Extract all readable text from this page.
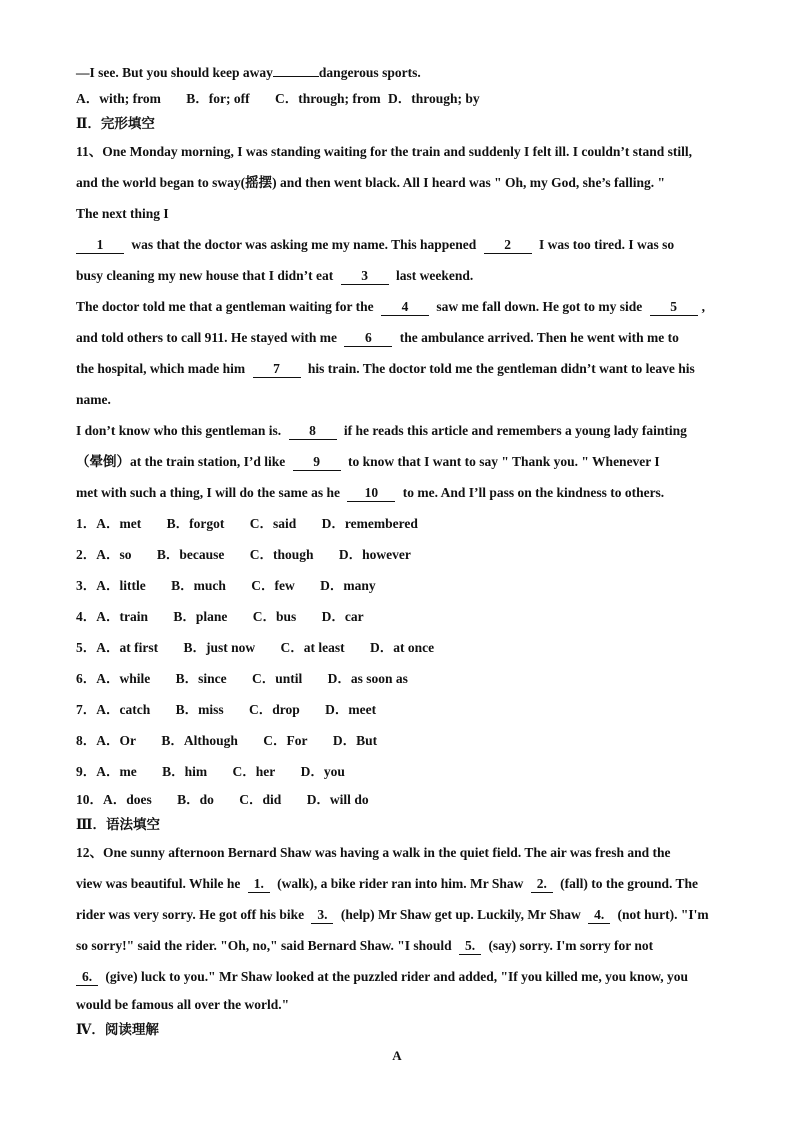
—I see. But you should keep away	dangerous sports.
A．with; from B．for; off C．through; from D．through; by
Ⅱ．完形填空
11、One Monday morning, I was standing waiting for the train and suddenly I felt ill. I couldn’t stand still,
and the world began to sway(摇摆) and then went black. All I heard was " Oh, my God, she’s falling. "
The next thing I
1 was that the doctor was asking me my name. This happened 2 I was too tired. I was so
busy cleaning my new house that I didn’t eat 3 last weekend.
The doctor told me that a gentleman waiting for the 4 saw me fall down. He got to my side 5 ,
and told others to call 911. He stayed with me 6 the ambulance arrived. Then he went with me to
the hospital, which made him 7 his train. The doctor told me the gentleman didn’t want to leave his
name.
I don’t know who this gentleman is. 8 if he reads this article and remembers a young lady fainting
（晕倒）at the train station, I’d like 9 to know that I want to say " Thank you. " Whenever I
met with such a thing, I will do the same as he 10 to me. And I’ll pass on the kindness to others.
1．A．met B．forgot C．said D．remembered
2．A．so B．because C．though D．however
3．A．little B．much C．few D．many
4．A．train B．plane C．bus D．car
5．A．at first B．just now C．at least D．at once
6．A．while B．since C．until D．as soon as
7．A．catch B．miss C．drop D．meet
8．A．Or B．Although C．For D．But
9．A．me B．him C．her D．you
10．A．does B．do C．did D．will do
Ⅲ．语法填空
12、One sunny afternoon Bernard Shaw was having a walk in the quiet field. The air was fresh and the
view was beautiful. While he 1. (walk), a bike rider ran into him. Mr Shaw 2. (fall) to the ground. The
rider was very sorry. He got off his bike 3. (help) Mr Shaw get up. Luckily, Mr Shaw 4. (not hurt). "I'm
so sorry!" said the rider. "Oh, no," said Bernard Shaw. "I should 5. (say) sorry. I'm sorry for not
6. (give) luck to you." Mr Shaw looked at the puzzled rider and added, "If you killed me, you know, you
would be famous all over the world."
Ⅳ．阅读理解
A
